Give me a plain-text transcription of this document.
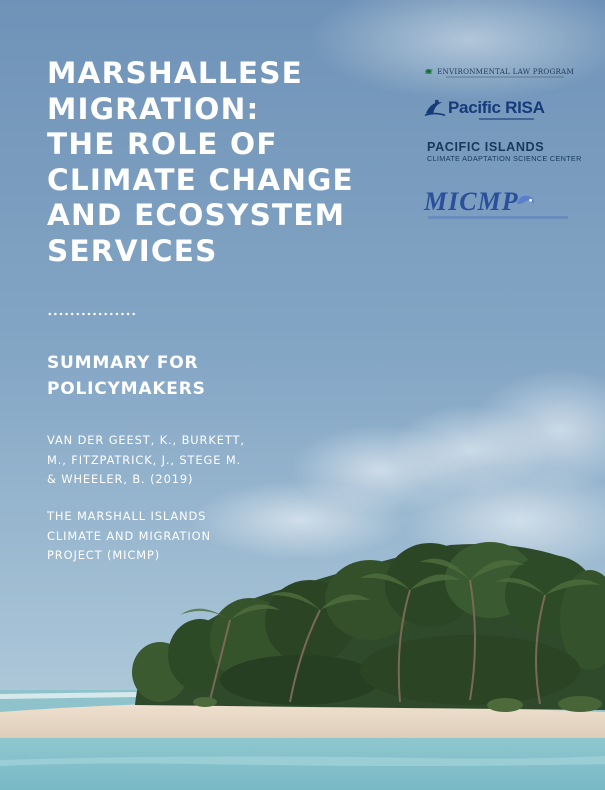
MARSHALLESE
MIGRATION:
THE ROLE OF
CLIMATE CHANGE
AND ECOSYSTEM
SERVICES
SUMMARY FOR
POLICYMAKERS
VAN DER GEEST, K., BURKETT,
M., FITZPATRICK, J., STEGE M.
& WHEELER, B. (2019)
THE MARSHALL ISLANDS
CLIMATE AND MIGRATION
PROJECT (MICMP)
ENVIRONMENTAL LAW PROGRAM
Pacific RISA
PACIFIC ISLANDS
CLIMATE ADAPTATION SCIENCE CENTER
MICMP
